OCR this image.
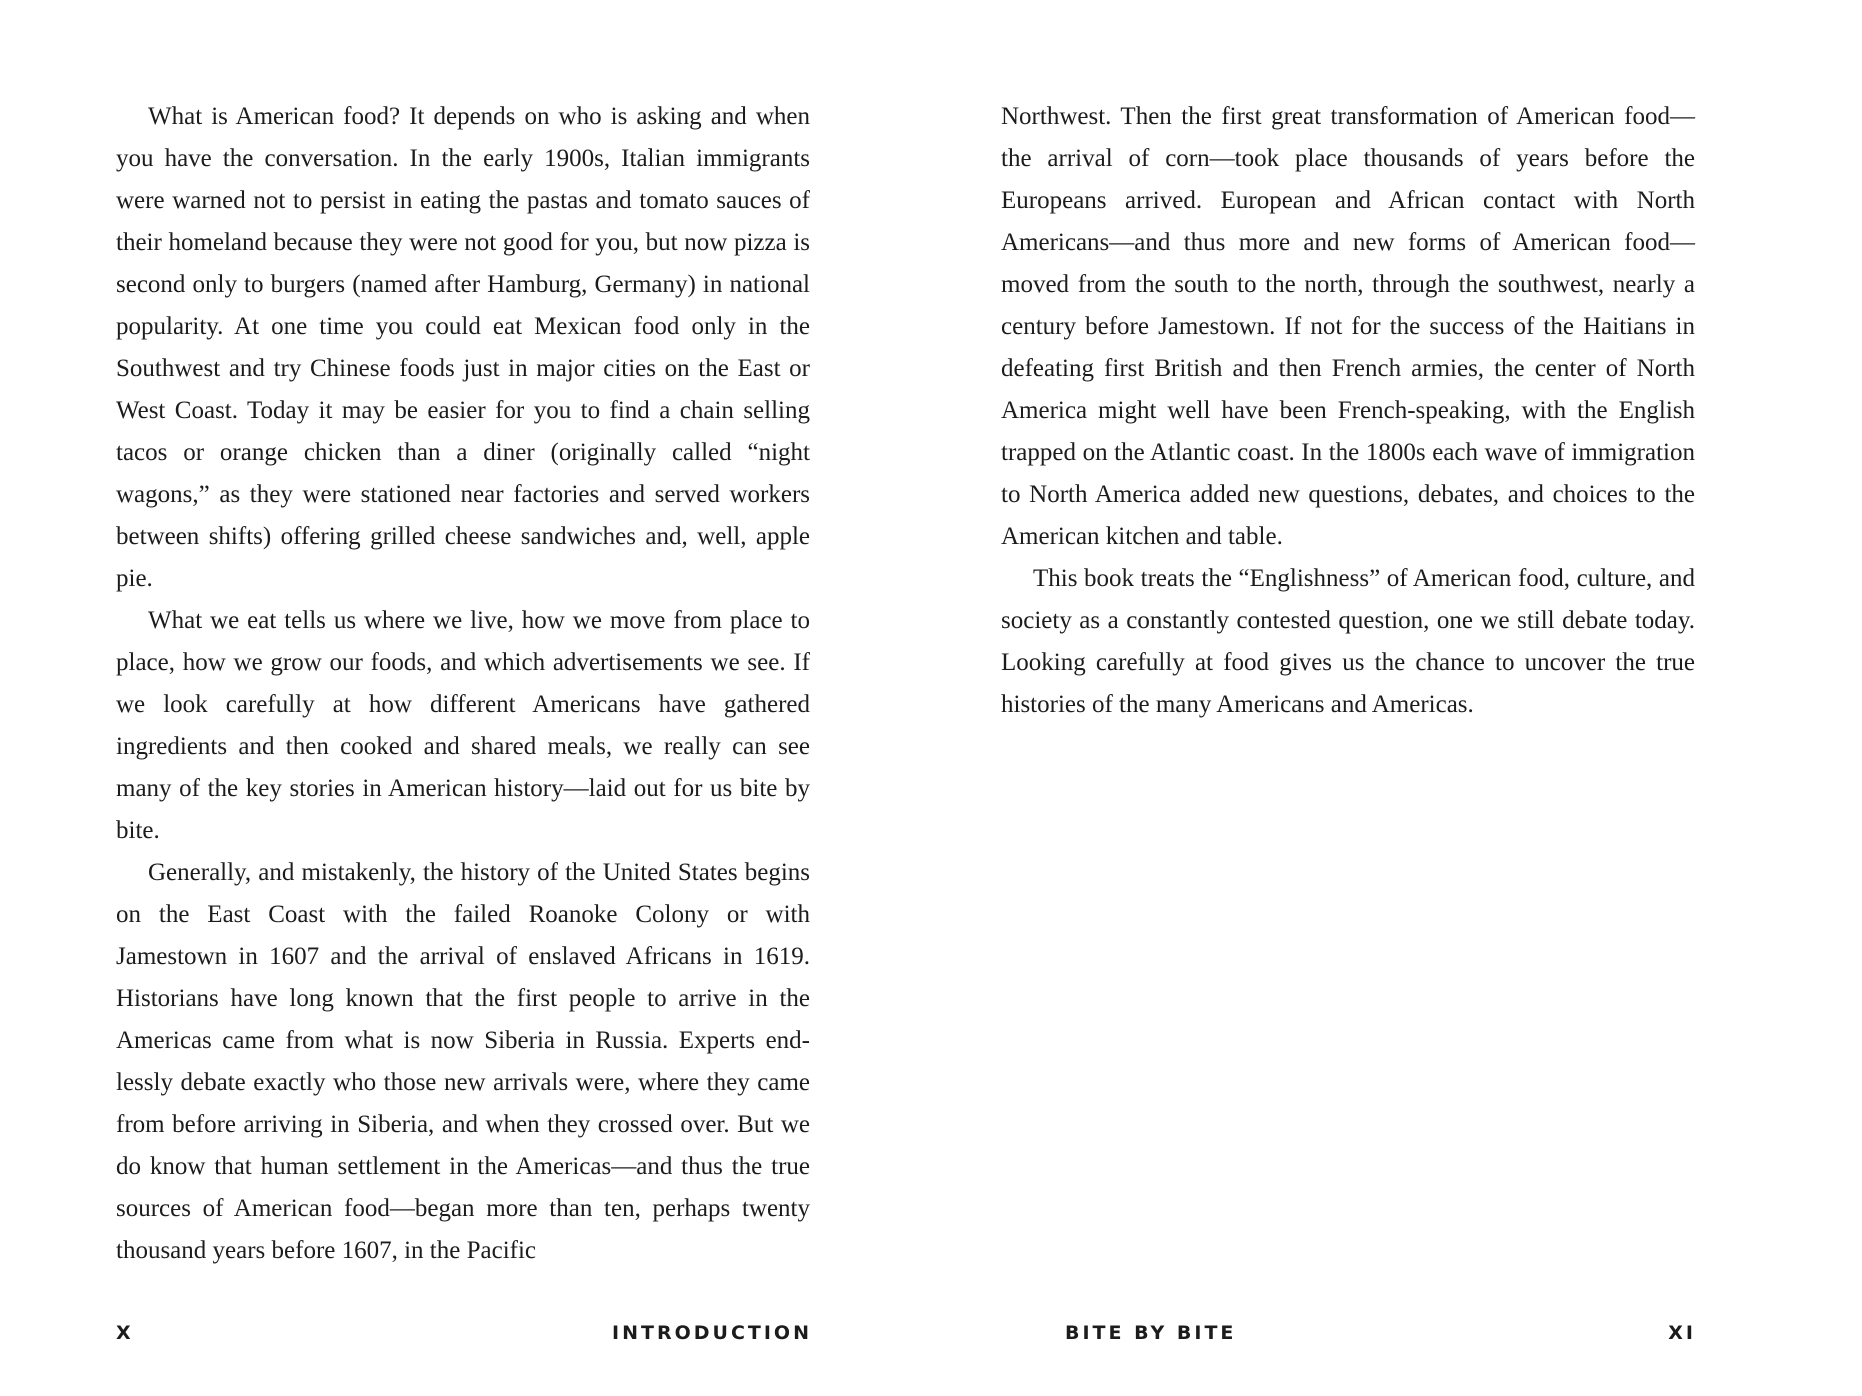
What is American food? It depends on who is asking and when you have the conversation. In the early 1900s, Italian immigrants were warned not to persist in eating the pastas and tomato sauces of their homeland because they were not good for you, but now pizza is second only to burgers (named after Hamburg, Germany) in national popularity. At one time you could eat Mexican food only in the Southwest and try Chinese foods just in major cities on the East or West Coast. Today it may be easier for you to find a chain selling tacos or orange chicken than a diner (originally called “night wagons,” as they were stationed near factories and served workers between shifts) offering grilled cheese sandwiches and, well, apple pie.

What we eat tells us where we live, how we move from place to place, how we grow our foods, and which advertisements we see. If we look carefully at how different Americans have gathered ingredients and then cooked and shared meals, we really can see many of the key stories in American history—laid out for us bite by bite.

Generally, and mistakenly, the history of the United States begins on the East Coast with the failed Roanoke Colony or with Jamestown in 1607 and the arrival of enslaved Africans in 1619. Historians have long known that the first people to arrive in the Americas came from what is now Siberia in Russia. Experts endlessly debate exactly who those new arrivals were, where they came from before arriving in Siberia, and when they crossed over. But we do know that human settlement in the Americas—and thus the true sources of American food—began more than ten, perhaps twenty thousand years before 1607, in the Pacific

X	INTRODUCTION

Northwest. Then the first great transformation of American food—the arrival of corn—took place thousands of years before the Europeans arrived. European and African contact with North Americans—and thus more and new forms of American food—moved from the south to the north, through the southwest, nearly a century before Jamestown. If not for the success of the Haitians in defeating first British and then French armies, the center of North America might well have been French-speaking, with the English trapped on the Atlantic coast. In the 1800s each wave of immigration to North America added new questions, debates, and choices to the American kitchen and table.

This book treats the “Englishness” of American food, culture, and society as a constantly contested question, one we still debate today. Looking carefully at food gives us the chance to uncover the true histories of the many Americans and Americas.

BITE BY BITE	XI
